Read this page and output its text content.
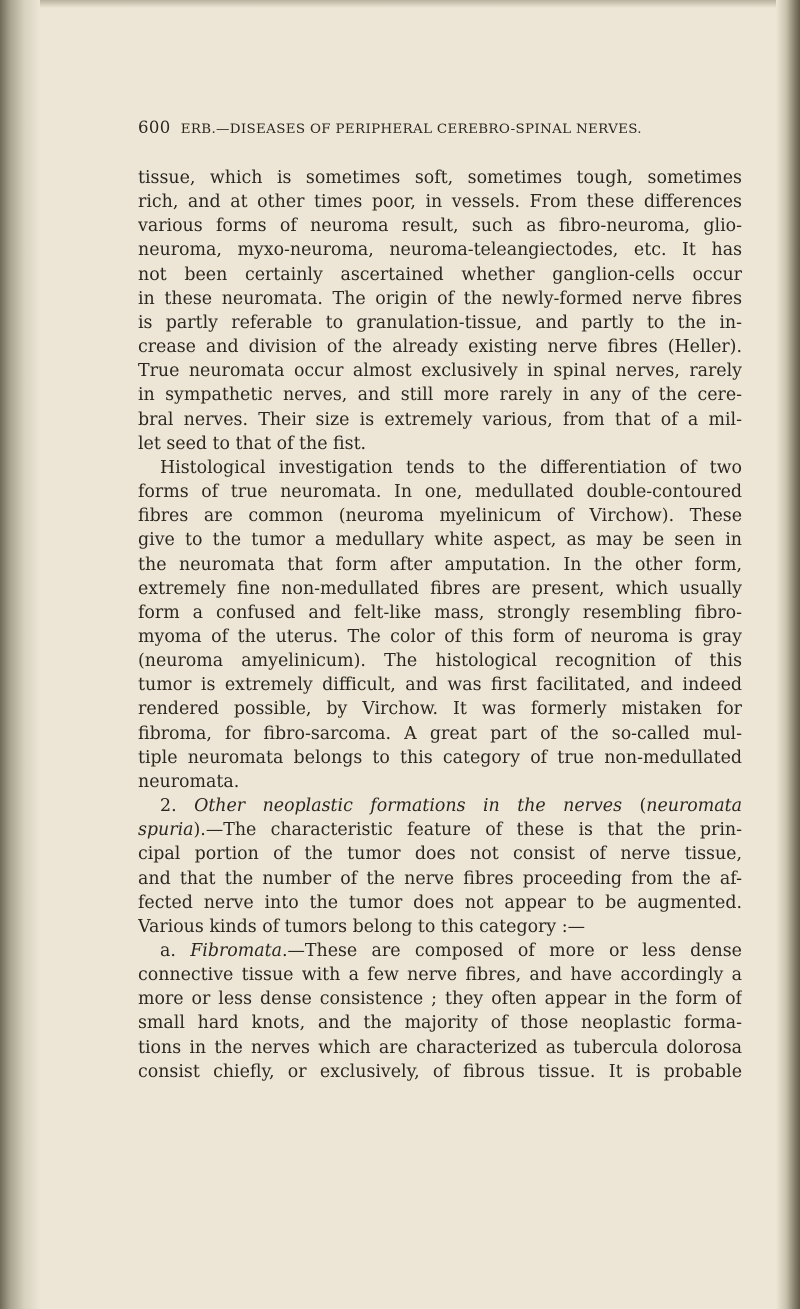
600 ERB.—DISEASES OF PERIPHERAL CEREBRO-SPINAL NERVES.
tissue, which is sometimes soft, sometimes tough, sometimes
rich, and at other times poor, in vessels. From these differences
various forms of neuroma result, such as fibro-neuroma, glio-
neuroma, myxo-neuroma, neuroma-teleangiectodes, etc. It has
not been certainly ascertained whether ganglion-cells occur
in these neuromata. The origin of the newly-formed nerve fibres
is partly referable to granulation-tissue, and partly to the in-
crease and division of the already existing nerve fibres (Heller).
True neuromata occur almost exclusively in spinal nerves, rarely
in sympathetic nerves, and still more rarely in any of the cere-
bral nerves. Their size is extremely various, from that of a mil-
let seed to that of the fist.
Histological investigation tends to the differentiation of two
forms of true neuromata. In one, medullated double-contoured
fibres are common (neuroma myelinicum of Virchow). These
give to the tumor a medullary white aspect, as may be seen in
the neuromata that form after amputation. In the other form,
extremely fine non-medullated fibres are present, which usually
form a confused and felt-like mass, strongly resembling fibro-
myoma of the uterus. The color of this form of neuroma is gray
(neuroma amyelinicum). The histological recognition of this
tumor is extremely difficult, and was first facilitated, and indeed
rendered possible, by Virchow. It was formerly mistaken for
fibroma, for fibro-sarcoma. A great part of the so-called mul-
tiple neuromata belongs to this category of true non-medullated
neuromata.
2. Other neoplastic formations in the nerves (neuromata
spuria).—The characteristic feature of these is that the prin-
cipal portion of the tumor does not consist of nerve tissue,
and that the number of the nerve fibres proceeding from the af-
fected nerve into the tumor does not appear to be augmented.
Various kinds of tumors belong to this category :—
a. Fibromata.—These are composed of more or less dense
connective tissue with a few nerve fibres, and have accordingly a
more or less dense consistence ; they often appear in the form of
small hard knots, and the majority of those neoplastic forma-
tions in the nerves which are characterized as tubercula dolorosa
consist chiefly, or exclusively, of fibrous tissue. It is probable
